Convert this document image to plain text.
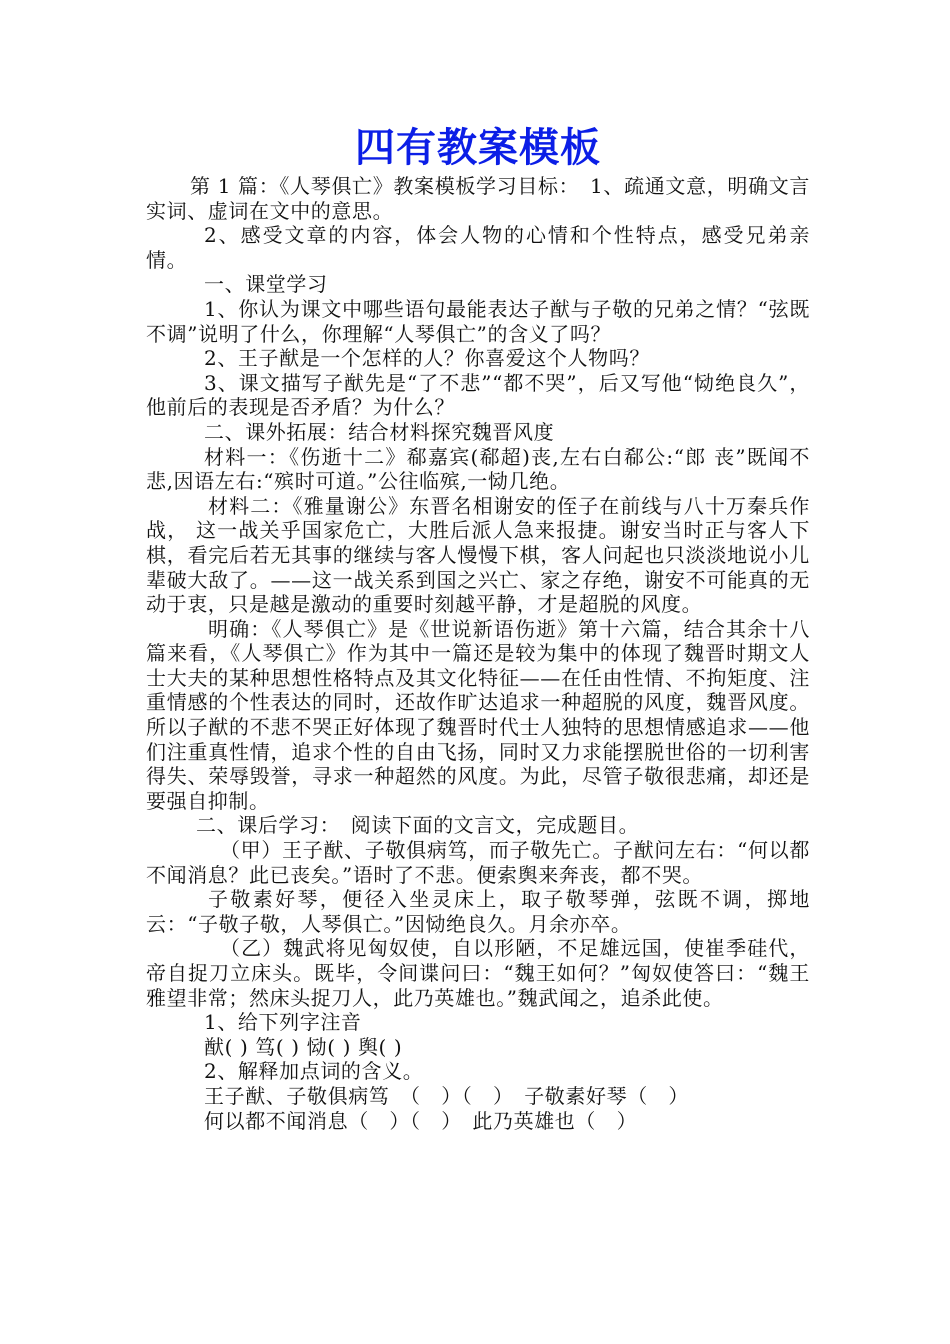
四有教案模板

第 1 篇：《人琴俱亡》教案模板学习目标：　1、疏通文意，明确文言实词、虚词在文中的意思。

2、感受文章的内容，体会人物的心情和个性特点，感受兄弟亲情。

一、课堂学习

1、你认为课文中哪些语句最能表达子猷与子敬的兄弟之情？“弦既不调”说明了什么，你理解“人琴俱亡”的含义了吗？

2、王子猷是一个怎样的人？你喜爱这个人物吗？

3、课文描写子猷先是“了不悲”“都不哭”，后又写他“恸绝良久”，他前后的表现是否矛盾？为什么？

二、课外拓展：结合材料探究魏晋风度

材料一：《伤逝十二》郗嘉宾(郗超)丧,左右白郗公:“郎 丧”既闻不悲,因语左右:“殡时可道。”公往临殡,一恸几绝。

材料二：《雅量谢公》东晋名相谢安的侄子在前线与八十万秦兵作战， 这一战关乎国家危亡，大胜后派人急来报捷。谢安当时正与客人下棋，看完后若无其事的继续与客人慢慢下棋，客人问起也只淡淡地说小儿辈破大敌了。——这一战关系到国之兴亡、家之存绝，谢安不可能真的无动于衷，只是越是激动的重要时刻越平静，才是超脱的风度。

明确：《人琴俱亡》是《世说新语伤逝》第十六篇，结合其余十八篇来看，《人琴俱亡》作为其中一篇还是较为集中的体现了魏晋时期文人士大夫的某种思想性格特点及其文化特征——在任由性情、不拘矩度、注重情感的个性表达的同时，还故作旷达追求一种超脱的风度，魏晋风度。所以子猷的不悲不哭正好体现了魏晋时代士人独特的思想情感追求——他们注重真性情，追求个性的自由飞扬，同时又力求能摆脱世俗的一切利害得失、荣辱毁誉，寻求一种超然的风度。为此，尽管子敬很悲痛，却还是要强自抑制。

二、课后学习：　阅读下面的文言文，完成题目。

（甲）王子猷、子敬俱病笃，而子敬先亡。子猷问左右：“何以都不闻消息？此已丧矣。”语时了不悲。便索舆来奔丧，都不哭。

子敬素好琴，便径入坐灵床上，取子敬琴弹，弦既不调，掷地云：“子敬子敬，人琴俱亡。”因恸绝良久。月余亦卒。

（乙）魏武将见匈奴使，自以形陋，不足雄远国，使崔季硅代，帝自捉刀立床头。既毕，令间谍问曰：“魏王如何？”匈奴使答曰：“魏王雅望非常；然床头捉刀人，此乃英雄也。”魏武闻之，追杀此使。

1、给下列字注音

猷( ) 笃( ) 恸( ) 舆( )

2、解释加点词的含义。

王子猷、子敬俱病笃　（　）（　）　子敬素好琴（　）

何以都不闻消息（　）（　）　此乃英雄也（　）
